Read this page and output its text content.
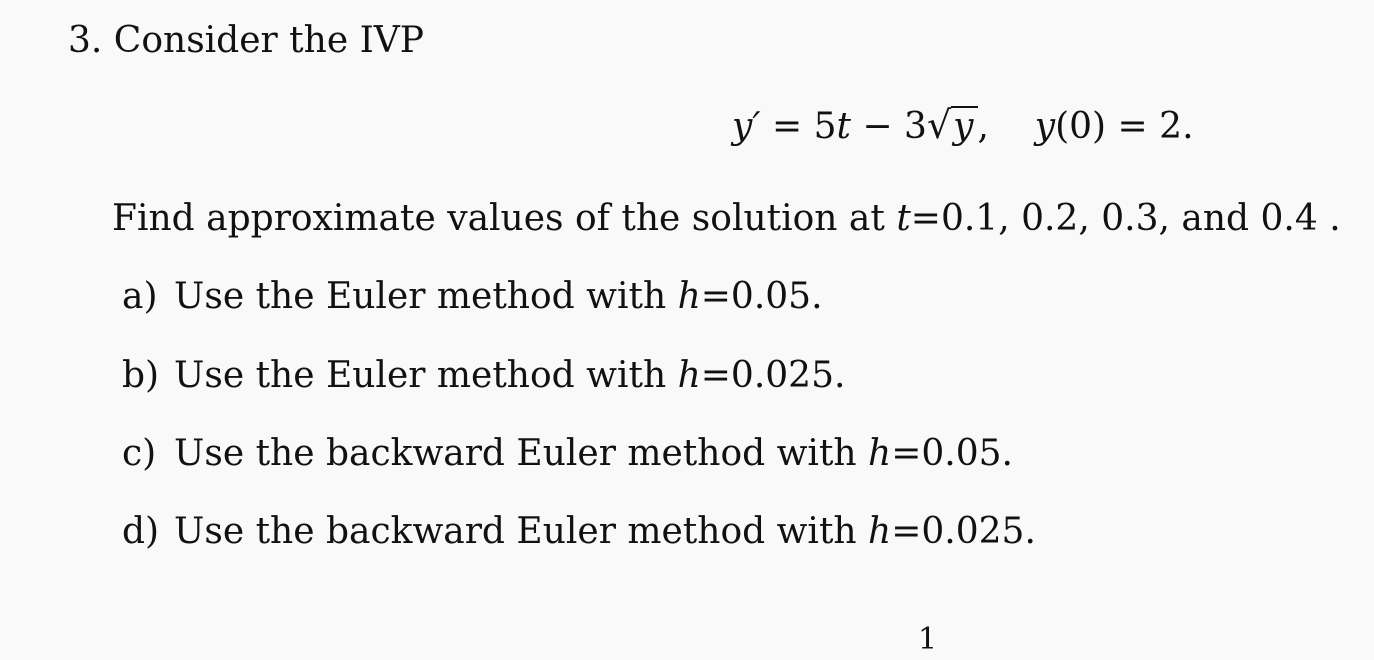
3. Consider the IVP
y′ = 5t − 3√y , y(0) = 2.
Find approximate values of the solution at t=0.1, 0.2, 0.3, and 0.4 .
a) Use the Euler method with h=0.05.
b) Use the Euler method with h=0.025.
c) Use the backward Euler method with h=0.05.
d) Use the backward Euler method with h=0.025.
1
